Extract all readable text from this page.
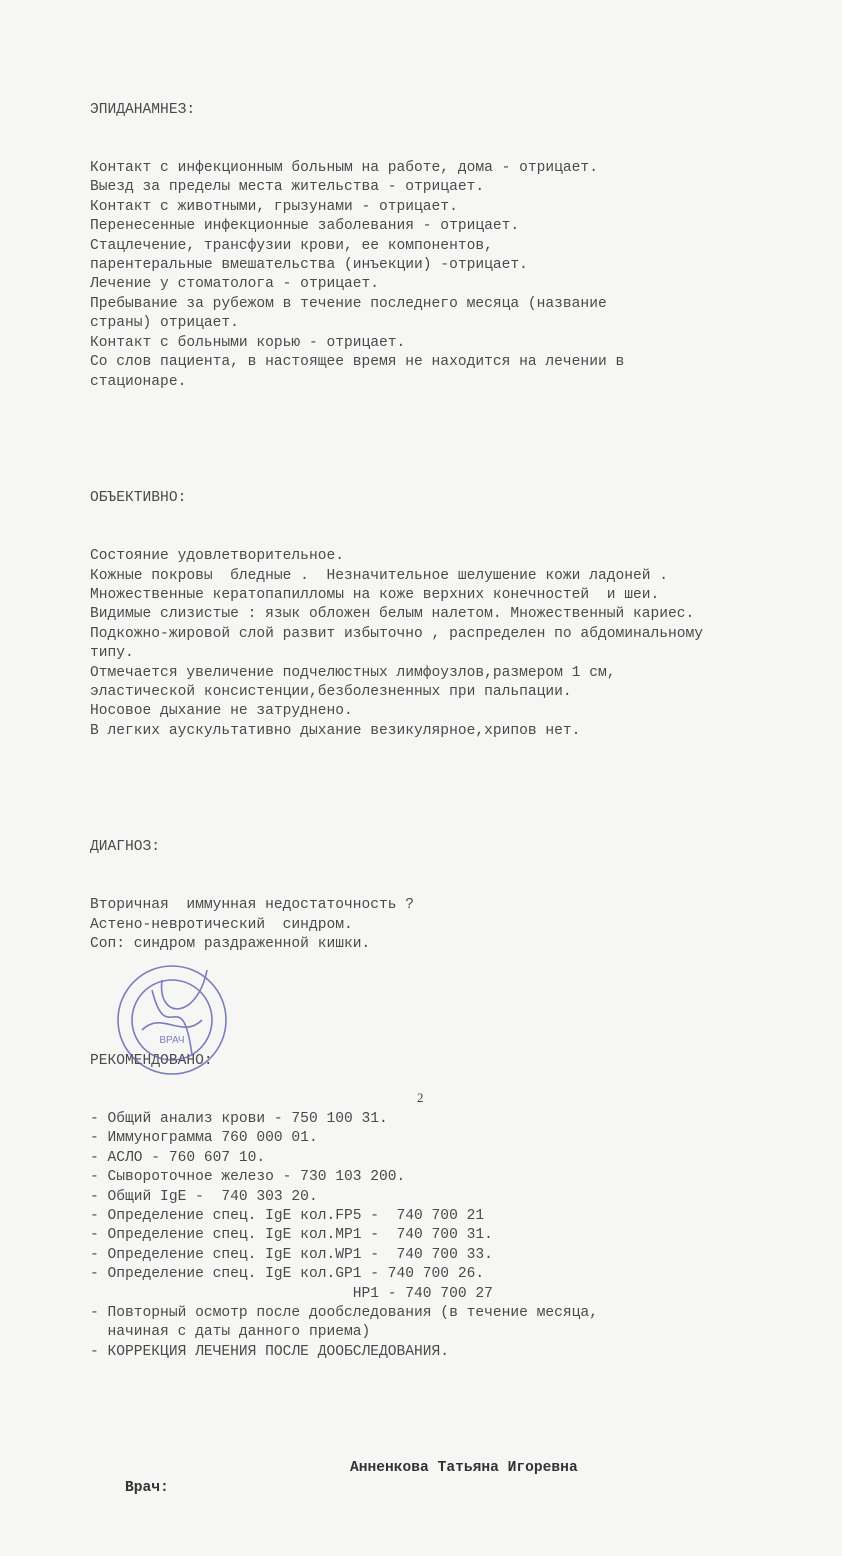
ЭПИДАНАМНЕЗ:

Контакт с инфекционным больным на работе, дома - отрицает.
Выезд за пределы места жительства - отрицает.
Контакт с животными, грызунами - отрицает.
Перенесенные инфекционные заболевания - отрицает.
Стацлечение, трансфузии крови, ее компонентов,
парентеральные вмешательства (инъекции) -отрицает.
Лечение у стоматолога - отрицает.
Пребывание за рубежом в течение последнего месяца (название
страны) отрицает.
Контакт с больными корью - отрицает.
Со слов пациента, в настоящее время не находится на лечении в
стационаре.

ОБЪЕКТИВНО:

Состояние удовлетворительное.
Кожные покровы  бледные .  Незначительное шелушение кожи ладоней .
Множественные кератопапилломы на коже верхних конечностей  и шеи.
Видимые слизистые : язык обложен белым налетом. Множественный кариес.
Подкожно-жировой слой развит избыточно , распределен по абдоминальному
типу.
Отмечается увеличение подчелюстных лимфоузлов,размером 1 см,
эластической консистенции,безболезненных при пальпации.
Носовое дыхание не затруднено.
В легких аускультативно дыхание везикулярное,хрипов нет.

ДИАГНОЗ:

Вторичная  иммунная недостаточность ?
Астено-невротический  синдром.
Соп: синдром раздраженной кишки.

РЕКОМЕНДОВАНО:

- Общий анализ крови - 750 100 31.
- Иммунограмма 760 000 01.
- АСЛО - 760 607 10.
- Сывороточное железо - 730 103 200.
- Общий IgE -  740 303 20.
- Определение спец. IgE кол.FP5 -  740 700 21
- Определение спец. IgE кол.MP1 -  740 700 31.
- Определение спец. IgE кол.WP1 -  740 700 33.
- Определение спец. IgE кол.GP1 - 740 700 26.
HP1 - 740 700 27
- Повторный осмотр после дообследования (в течение месяца,
начиная с даты данного приема)
- КОРРЕКЦИЯ ЛЕЧЕНИЯ ПОСЛЕ ДООБСЛЕДОВАНИЯ.

Врач:

Анненкова Татьяна Игоревна

ВРАЧ
2
